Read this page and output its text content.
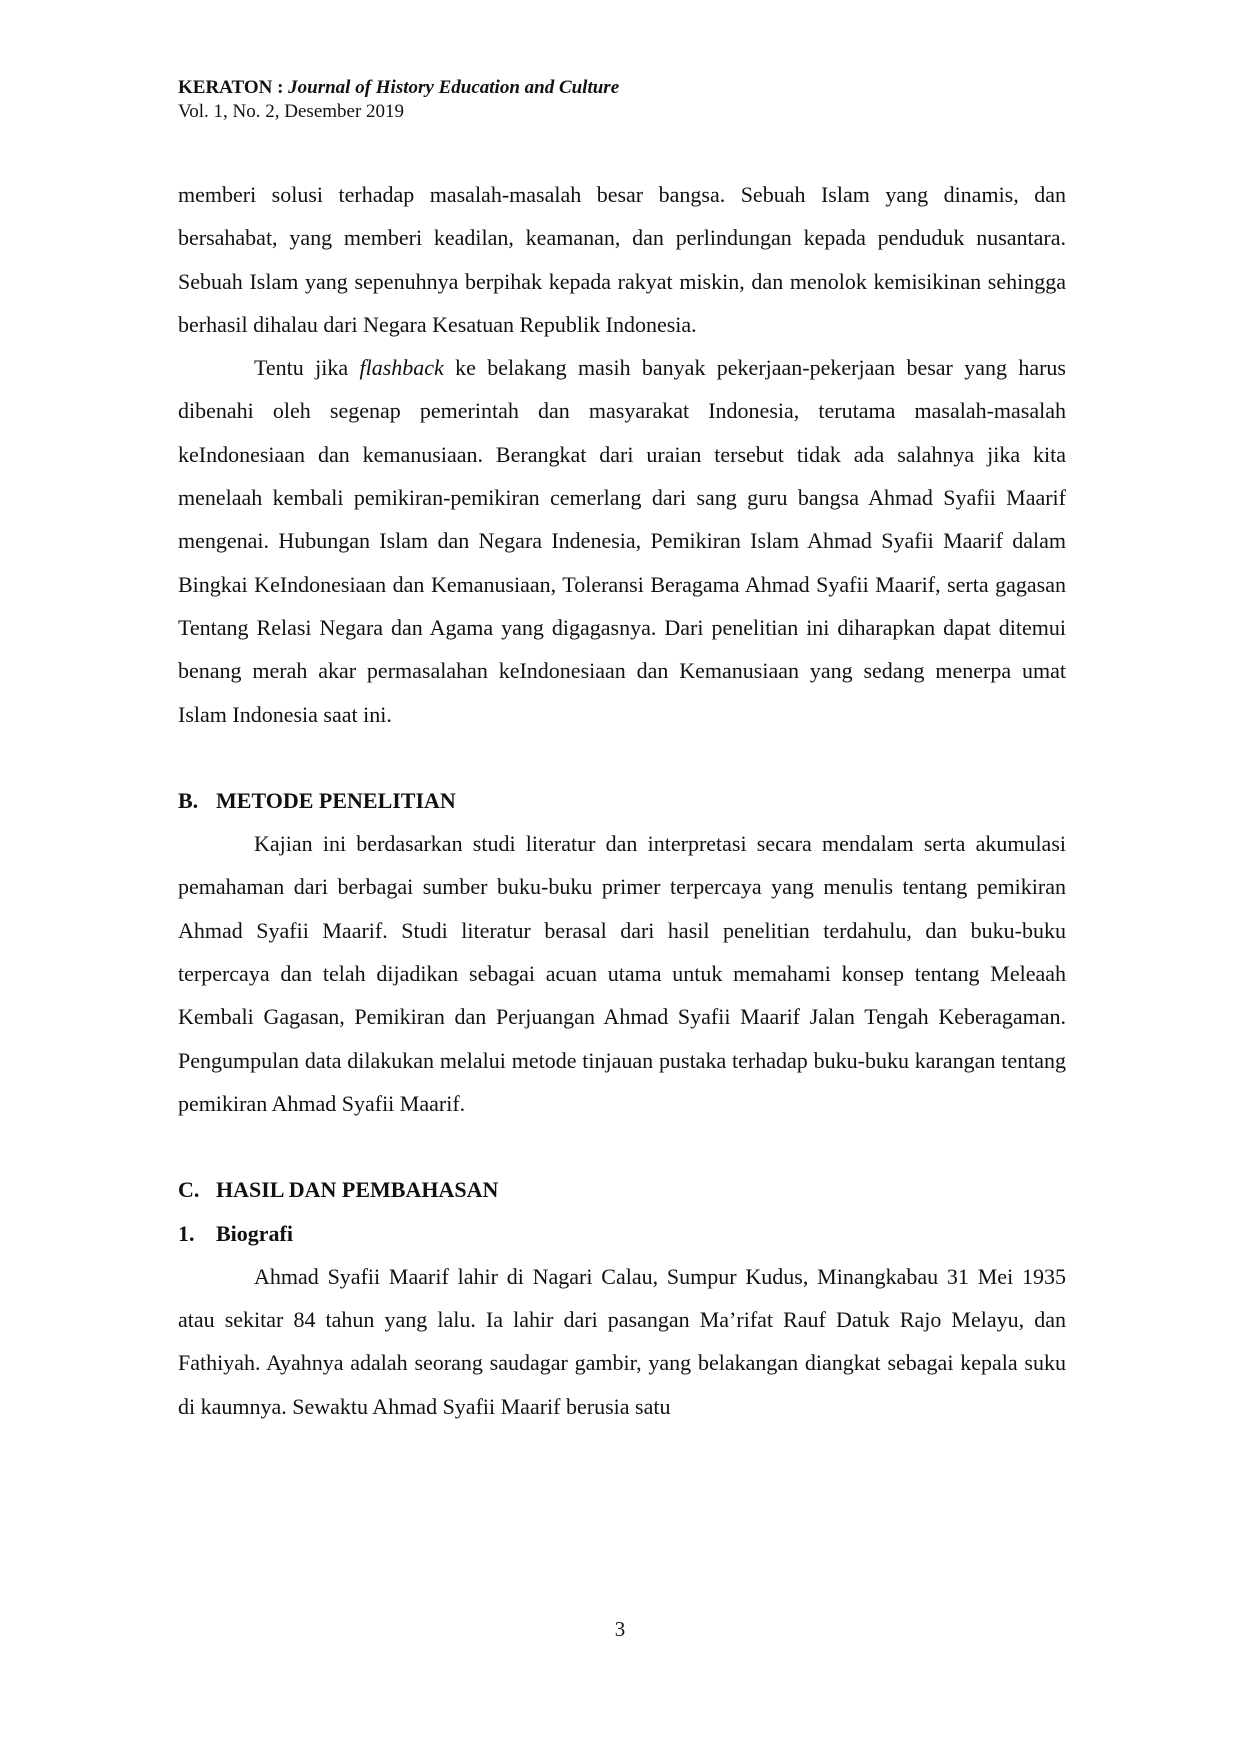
KERATON : Journal of History Education and Culture
Vol. 1, No. 2, Desember 2019

memberi solusi terhadap masalah-masalah besar bangsa. Sebuah Islam yang dinamis, dan bersahabat, yang memberi keadilan, keamanan, dan perlindungan kepada penduduk nusantara. Sebuah Islam yang sepenuhnya berpihak kepada rakyat miskin, dan menolok kemisikinan sehingga berhasil dihalau dari Negara Kesatuan Republik Indonesia.

Tentu jika flashback ke belakang masih banyak pekerjaan-pekerjaan besar yang harus dibenahi oleh segenap pemerintah dan masyarakat Indonesia, terutama masalah-masalah keIndonesiaan dan kemanusiaan. Berangkat dari uraian tersebut tidak ada salahnya jika kita menelaah kembali pemikiran-pemikiran cemerlang dari sang guru bangsa Ahmad Syafii Maarif mengenai. Hubungan Islam dan Negara Indenesia, Pemikiran Islam Ahmad Syafii Maarif dalam Bingkai KeIndonesiaan dan Kemanusiaan, Toleransi Beragama Ahmad Syafii Maarif, serta gagasan Tentang Relasi Negara dan Agama yang digagasnya. Dari penelitian ini diharapkan dapat ditemui benang merah akar permasalahan keIndonesiaan dan Kemanusiaan yang sedang menerpa umat Islam Indonesia saat ini.

B. METODE PENELITIAN

Kajian ini berdasarkan studi literatur dan interpretasi secara mendalam serta akumulasi pemahaman dari berbagai sumber buku-buku primer terpercaya yang menulis tentang pemikiran Ahmad Syafii Maarif. Studi literatur berasal dari hasil penelitian terdahulu, dan buku-buku terpercaya dan telah dijadikan sebagai acuan utama untuk memahami konsep tentang Meleaah Kembali Gagasan, Pemikiran dan Perjuangan Ahmad Syafii Maarif Jalan Tengah Keberagaman. Pengumpulan data dilakukan melalui metode tinjauan pustaka terhadap buku-buku karangan tentang pemikiran Ahmad Syafii Maarif.

C. HASIL DAN PEMBAHASAN
1. Biografi

Ahmad Syafii Maarif lahir di Nagari Calau, Sumpur Kudus, Minangkabau 31 Mei 1935 atau sekitar 84 tahun yang lalu. Ia lahir dari pasangan Ma’rifat Rauf Datuk Rajo Melayu, dan Fathiyah. Ayahnya adalah seorang saudagar gambir, yang belakangan diangkat sebagai kepala suku di kaumnya. Sewaktu Ahmad Syafii Maarif berusia satu

3
